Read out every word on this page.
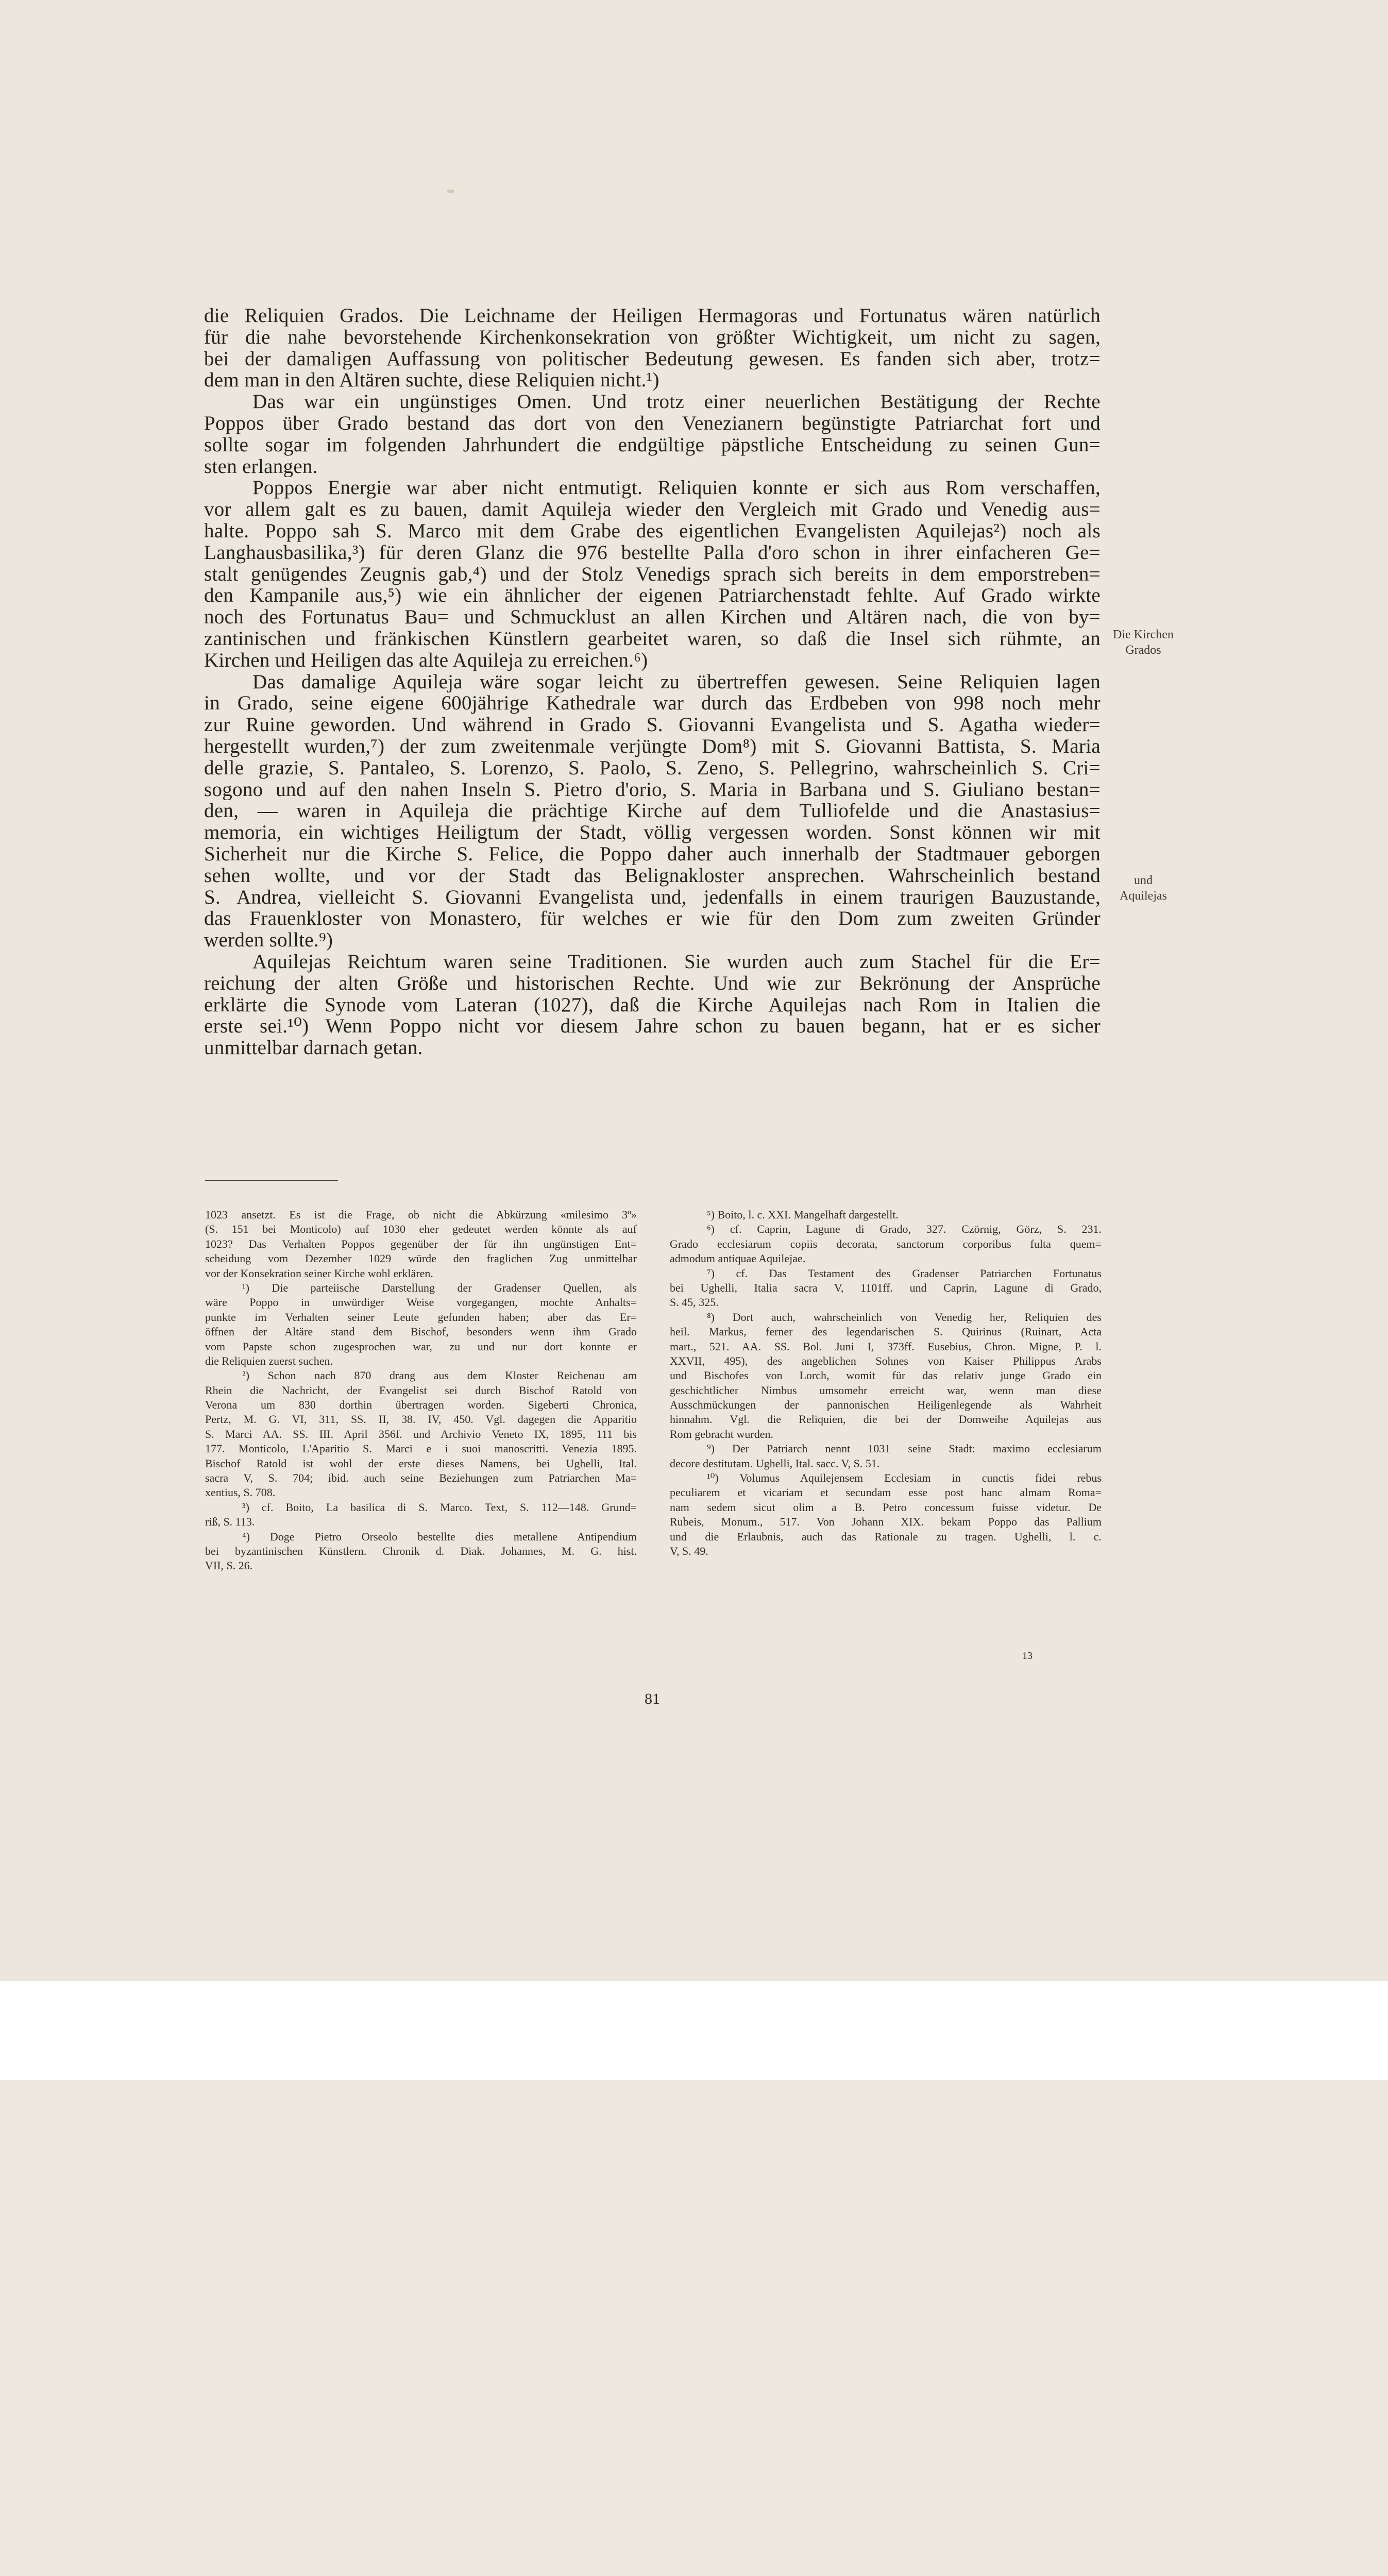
die Reliquien Grados. Die Leichname der Heiligen Hermagoras und Fortunatus wären natürlich
für die nahe bevorstehende Kirchenkonsekration von größter Wichtigkeit, um nicht zu sagen,
bei der damaligen Auffassung von politischer Bedeutung gewesen. Es fanden sich aber, trotz=
dem man in den Altären suchte, diese Reliquien nicht.¹)
Das war ein ungünstiges Omen. Und trotz einer neuerlichen Bestätigung der Rechte
Poppos über Grado bestand das dort von den Venezianern begünstigte Patriarchat fort und
sollte sogar im folgenden Jahrhundert die endgültige päpstliche Entscheidung zu seinen Gun=
sten erlangen.
Poppos Energie war aber nicht entmutigt. Reliquien konnte er sich aus Rom verschaffen,
vor allem galt es zu bauen, damit Aquileja wieder den Vergleich mit Grado und Venedig aus=
halte. Poppo sah S. Marco mit dem Grabe des eigentlichen Evangelisten Aquilejas²) noch als
Langhausbasilika,³) für deren Glanz die 976 bestellte Palla d'oro schon in ihrer einfacheren Ge=
stalt genügendes Zeugnis gab,⁴) und der Stolz Venedigs sprach sich bereits in dem emporstreben=
den Kampanile aus,⁵) wie ein ähnlicher der eigenen Patriarchenstadt fehlte. Auf Grado wirkte
noch des Fortunatus Bau= und Schmucklust an allen Kirchen und Altären nach, die von by=
zantinischen und fränkischen Künstlern gearbeitet waren, so daß die Insel sich rühmte, an
Kirchen und Heiligen das alte Aquileja zu erreichen.⁶)
Das damalige Aquileja wäre sogar leicht zu übertreffen gewesen. Seine Reliquien lagen
in Grado, seine eigene 600jährige Kathedrale war durch das Erdbeben von 998 noch mehr
zur Ruine geworden. Und während in Grado S. Giovanni Evangelista und S. Agatha wieder=
hergestellt wurden,⁷) der zum zweitenmale verjüngte Dom⁸) mit S. Giovanni Battista, S. Maria
delle grazie, S. Pantaleo, S. Lorenzo, S. Paolo, S. Zeno, S. Pellegrino, wahrscheinlich S. Cri=
sogono und auf den nahen Inseln S. Pietro d'orio, S. Maria in Barbana und S. Giuliano bestan=
den, — waren in Aquileja die prächtige Kirche auf dem Tulliofelde und die Anastasius=
memoria, ein wichtiges Heiligtum der Stadt, völlig vergessen worden. Sonst können wir mit
Sicherheit nur die Kirche S. Felice, die Poppo daher auch innerhalb der Stadtmauer geborgen
sehen wollte, und vor der Stadt das Belignakloster ansprechen. Wahrscheinlich bestand
S. Andrea, vielleicht S. Giovanni Evangelista und, jedenfalls in einem traurigen Bauzustande,
das Frauenkloster von Monastero, für welches er wie für den Dom zum zweiten Gründer
werden sollte.⁹)
Aquilejas Reichtum waren seine Traditionen. Sie wurden auch zum Stachel für die Er=
reichung der alten Größe und historischen Rechte. Und wie zur Bekrönung der Ansprüche
erklärte die Synode vom Lateran (1027), daß die Kirche Aquilejas nach Rom in Italien die
erste sei.¹⁰) Wenn Poppo nicht vor diesem Jahre schon zu bauen begann, hat er es sicher
unmittelbar darnach getan.
Die Kirchen
Grados
und
Aquilejas
1023 ansetzt. Es ist die Frage, ob nicht die Abkürzung «milesimo 3º»
(S. 151 bei Monticolo) auf 1030 eher gedeutet werden könnte als auf
1023? Das Verhalten Poppos gegenüber der für ihn ungünstigen Ent=
scheidung vom Dezember 1029 würde den fraglichen Zug unmittelbar
vor der Konsekration seiner Kirche wohl erklären.
¹) Die parteiische Darstellung der Gradenser Quellen, als
wäre Poppo in unwürdiger Weise vorgegangen, mochte Anhalts=
punkte im Verhalten seiner Leute gefunden haben; aber das Er=
öffnen der Altäre stand dem Bischof, besonders wenn ihm Grado
vom Papste schon zugesprochen war, zu und nur dort konnte er
die Reliquien zuerst suchen.
²) Schon nach 870 drang aus dem Kloster Reichenau am
Rhein die Nachricht, der Evangelist sei durch Bischof Ratold von
Verona um 830 dorthin übertragen worden. Sigeberti Chronica,
Pertz, M. G. VI, 311, SS. II, 38. IV, 450. Vgl. dagegen die Apparitio
S. Marci AA. SS. III. April 356f. und Archivio Veneto IX, 1895, 111 bis
177. Monticolo, L'Aparitio S. Marci e i suoi manoscritti. Venezia 1895.
Bischof Ratold ist wohl der erste dieses Namens, bei Ughelli, Ital.
sacra V, S. 704; ibid. auch seine Beziehungen zum Patriarchen Ma=
xentius, S. 708.
³) cf. Boito, La basilica di S. Marco. Text, S. 112—148. Grund=
riß, S. 113.
⁴) Doge Pietro Orseolo bestellte dies metallene Antipendium
bei byzantinischen Künstlern. Chronik d. Diak. Johannes, M. G. hist.
VII, S. 26.
⁵) Boito, l. c. XXI. Mangelhaft dargestellt.
⁶) cf. Caprin, Lagune di Grado, 327. Czörnig, Görz, S. 231.
Grado ecclesiarum copiis decorata, sanctorum corporibus fulta quem=
admodum antiquae Aquilejae.
⁷) cf. Das Testament des Gradenser Patriarchen Fortunatus
bei Ughelli, Italia sacra V, 1101ff. und Caprin, Lagune di Grado,
S. 45, 325.
⁸) Dort auch, wahrscheinlich von Venedig her, Reliquien des
heil. Markus, ferner des legendarischen S. Quirinus (Ruinart, Acta
mart., 521. AA. SS. Bol. Juni I, 373ff. Eusebius, Chron. Migne, P. l.
XXVII, 495), des angeblichen Sohnes von Kaiser Philippus Arabs
und Bischofes von Lorch, womit für das relativ junge Grado ein
geschichtlicher Nimbus umsomehr erreicht war, wenn man diese
Ausschmückungen der pannonischen Heiligenlegende als Wahrheit
hinnahm. Vgl. die Reliquien, die bei der Domweihe Aquilejas aus
Rom gebracht wurden.
⁹) Der Patriarch nennt 1031 seine Stadt: maximo ecclesiarum
decore destitutam. Ughelli, Ital. sacc. V, S. 51.
¹⁰) Volumus Aquilejensem Ecclesiam in cunctis fidei rebus
peculiarem et vicariam et secundam esse post hanc almam Roma=
nam sedem sicut olim a B. Petro concessum fuisse videtur. De
Rubeis, Monum., 517. Von Johann XIX. bekam Poppo das Pallium
und die Erlaubnis, auch das Rationale zu tragen. Ughelli, l. c.
V, S. 49.
13
81
